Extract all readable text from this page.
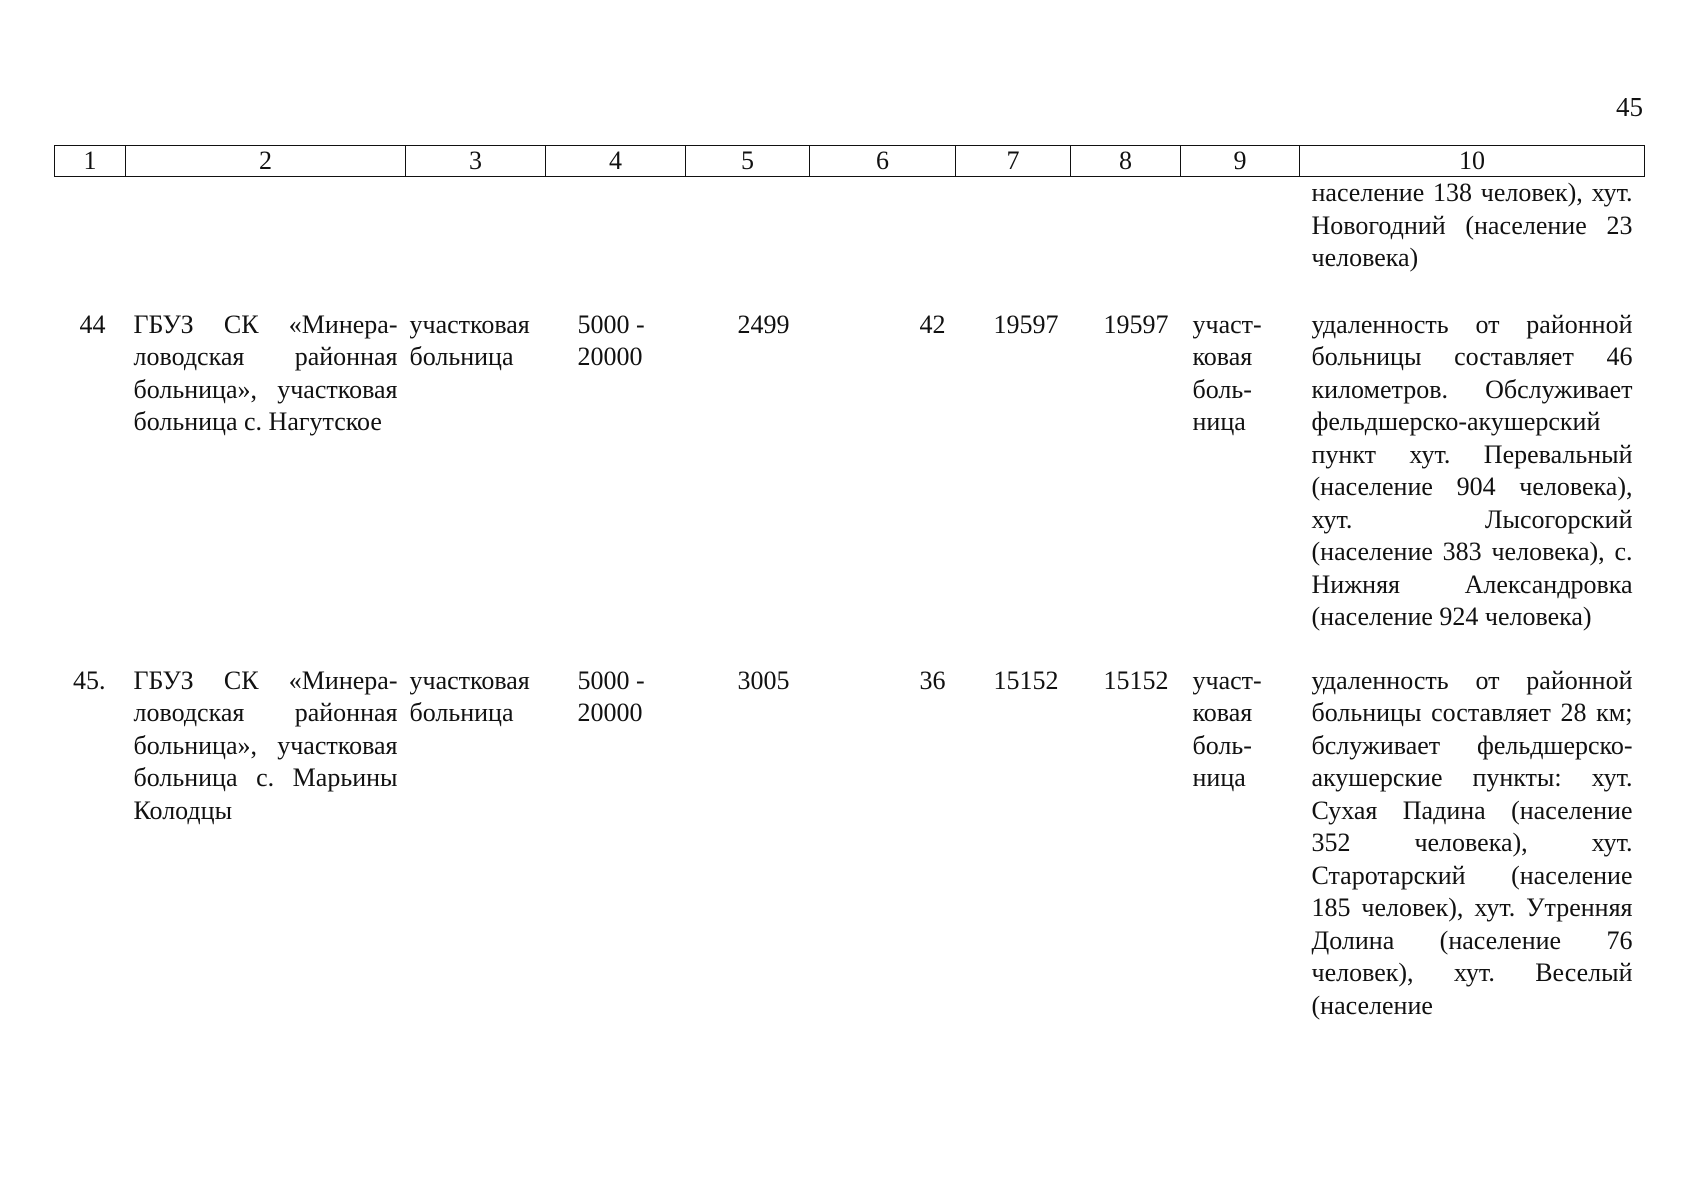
45
1	2	3	4	5	6	7	8	9	10
									население 138 человек), хут. Новогодний (население 23 человека)
44	ГБУЗ СК «Минераловодская районная больница», участковая больница с. Нагутское	участковая больница	5000 - 20000	2499	42	19597	19597	участковая больница	удаленность от районной больницы составляет 46 километров. Обслуживает фельдшерско-акушерский пункт хут. Перевальный (население 904 человека), хут. Лысогорский (население 383 человека), с. Нижняя Александровка (население 924 человека)
45.	ГБУЗ СК «Минераловодская районная больница», участковая больница с. Марьины Колодцы	участковая больница	5000 - 20000	3005	36	15152	15152	участковая больница	удаленность от районной больницы составляет 28 км; бслуживает фельдшерско-акушерские пункты: хут. Сухая Падина (население 352 человека), хут. Старотарский (население 185 человек), хут. Утренняя Долина (население 76 человек), хут. Веселый (население
